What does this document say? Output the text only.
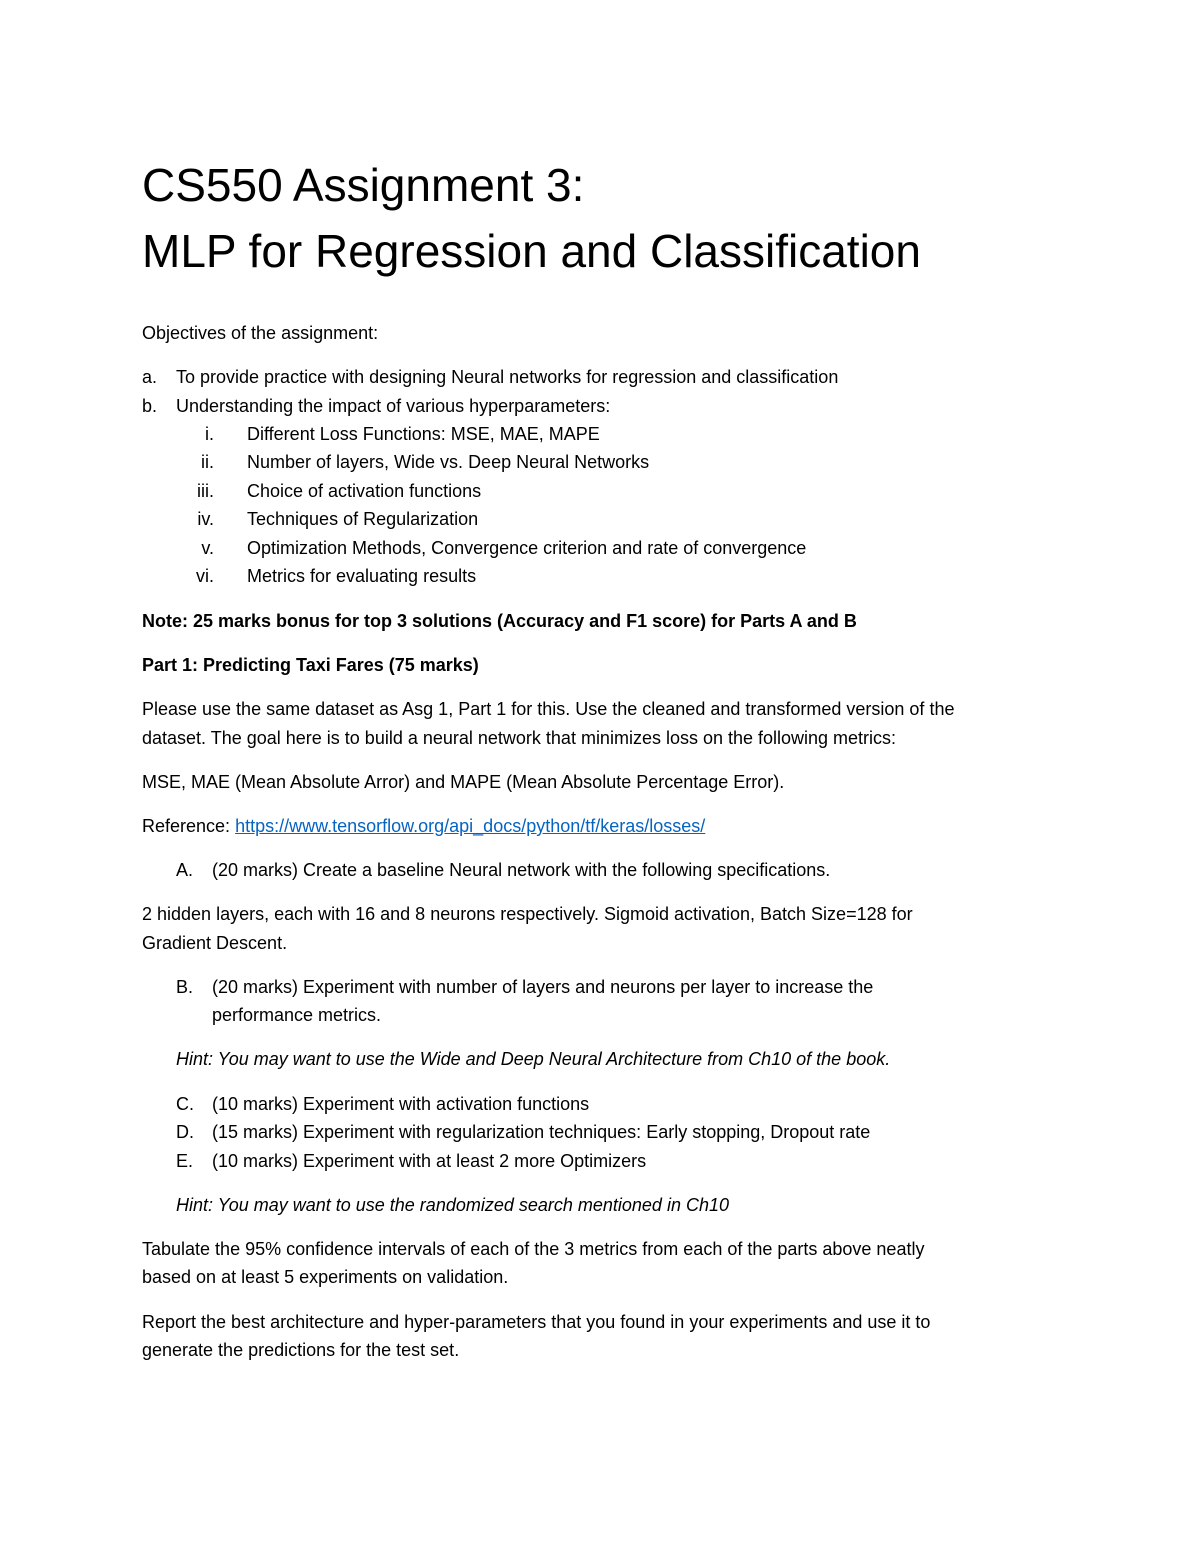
CS550 Assignment 3:
MLP for Regression and Classification

Objectives of the assignment:

a. To provide practice with designing Neural networks for regression and classification
b. Understanding the impact of various hyperparameters:
i. Different Loss Functions: MSE, MAE, MAPE
ii. Number of layers, Wide vs. Deep Neural Networks
iii. Choice of activation functions
iv. Techniques of Regularization
v. Optimization Methods, Convergence criterion and rate of convergence
vi. Metrics for evaluating results

Note: 25 marks bonus for top 3 solutions (Accuracy and F1 score) for Parts A and B

Part 1: Predicting Taxi Fares (75 marks)

Please use the same dataset as Asg 1, Part 1 for this. Use the cleaned and transformed version of the

dataset. The goal here is to build a neural network that minimizes loss on the following metrics:

MSE, MAE (Mean Absolute Arror) and MAPE (Mean Absolute Percentage Error).

Reference: https://www.tensorflow.org/api_docs/python/tf/keras/losses/

A. (20 marks) Create a baseline Neural network with the following specifications.

2 hidden layers, each with 16 and 8 neurons respectively. Sigmoid activation, Batch Size=128 for

Gradient Descent.

B. (20 marks) Experiment with number of layers and neurons per layer to increase the
performance metrics.

Hint: You may want to use the Wide and Deep Neural Architecture from Ch10 of the book.

C. (10 marks) Experiment with activation functions
D. (15 marks) Experiment with regularization techniques: Early stopping, Dropout rate
E. (10 marks) Experiment with at least 2 more Optimizers

Hint: You may want to use the randomized search mentioned in Ch10

Tabulate the 95% confidence intervals of each of the 3 metrics from each of the parts above neatly

based on at least 5 experiments on validation.

Report the best architecture and hyper-parameters that you found in your experiments and use it to

generate the predictions for the test set.
